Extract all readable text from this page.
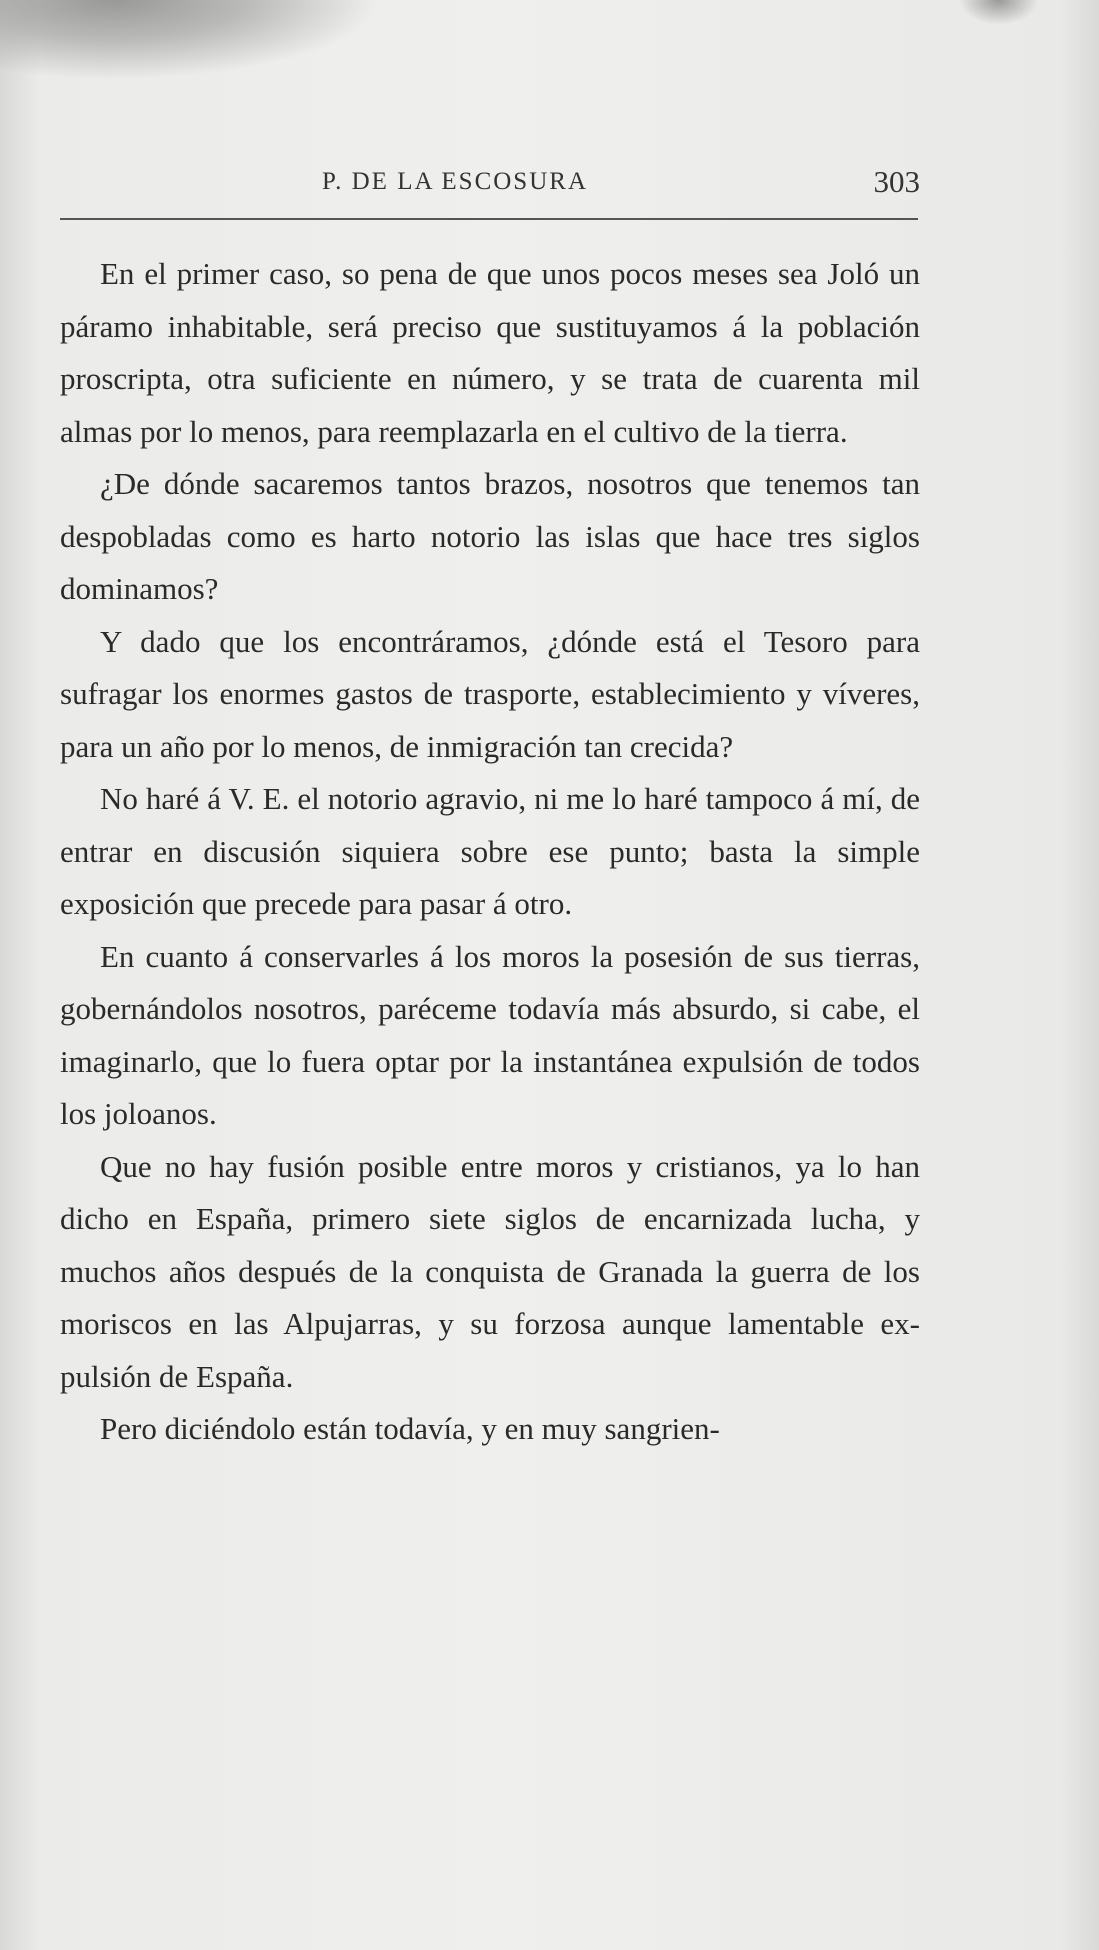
P. DE LA ESCOSURA	303

En el primer caso, so pena de que unos pocos meses sea Joló un páramo inhabitable, será preciso que sustituyamos á la población proscripta, otra suficiente en número, y se trata de cuarenta mil almas por lo menos, para reemplazarla en el cultivo de la tierra.

¿De dónde sacaremos tantos brazos, nosotros que tenemos tan despobladas como es harto notorio las islas que hace tres siglos dominamos?

Y dado que los encontráramos, ¿dónde está el Tesoro para sufragar los enormes gastos de trasporte, establecimiento y víveres, para un año por lo menos, de inmigración tan crecida?

No haré á V. E. el notorio agravio, ni me lo haré tampoco á mí, de entrar en discusión siquiera sobre ese punto; basta la simple exposición que precede para pasar á otro.

En cuanto á conservarles á los moros la posesión de sus tierras, gobernándolos nosotros, paréceme todavía más absurdo, si cabe, el imaginarlo, que lo fuera optar por la instantánea expulsión de todos los joloanos.

Que no hay fusión posible entre moros y cristianos, ya lo han dicho en España, primero siete siglos de encarnizada lucha, y muchos años después de la conquista de Granada la guerra de los moriscos en las Alpujarras, y su forzosa aunque lamentable expulsión de España.

Pero diciéndolo están todavía, y en muy sangrien-
